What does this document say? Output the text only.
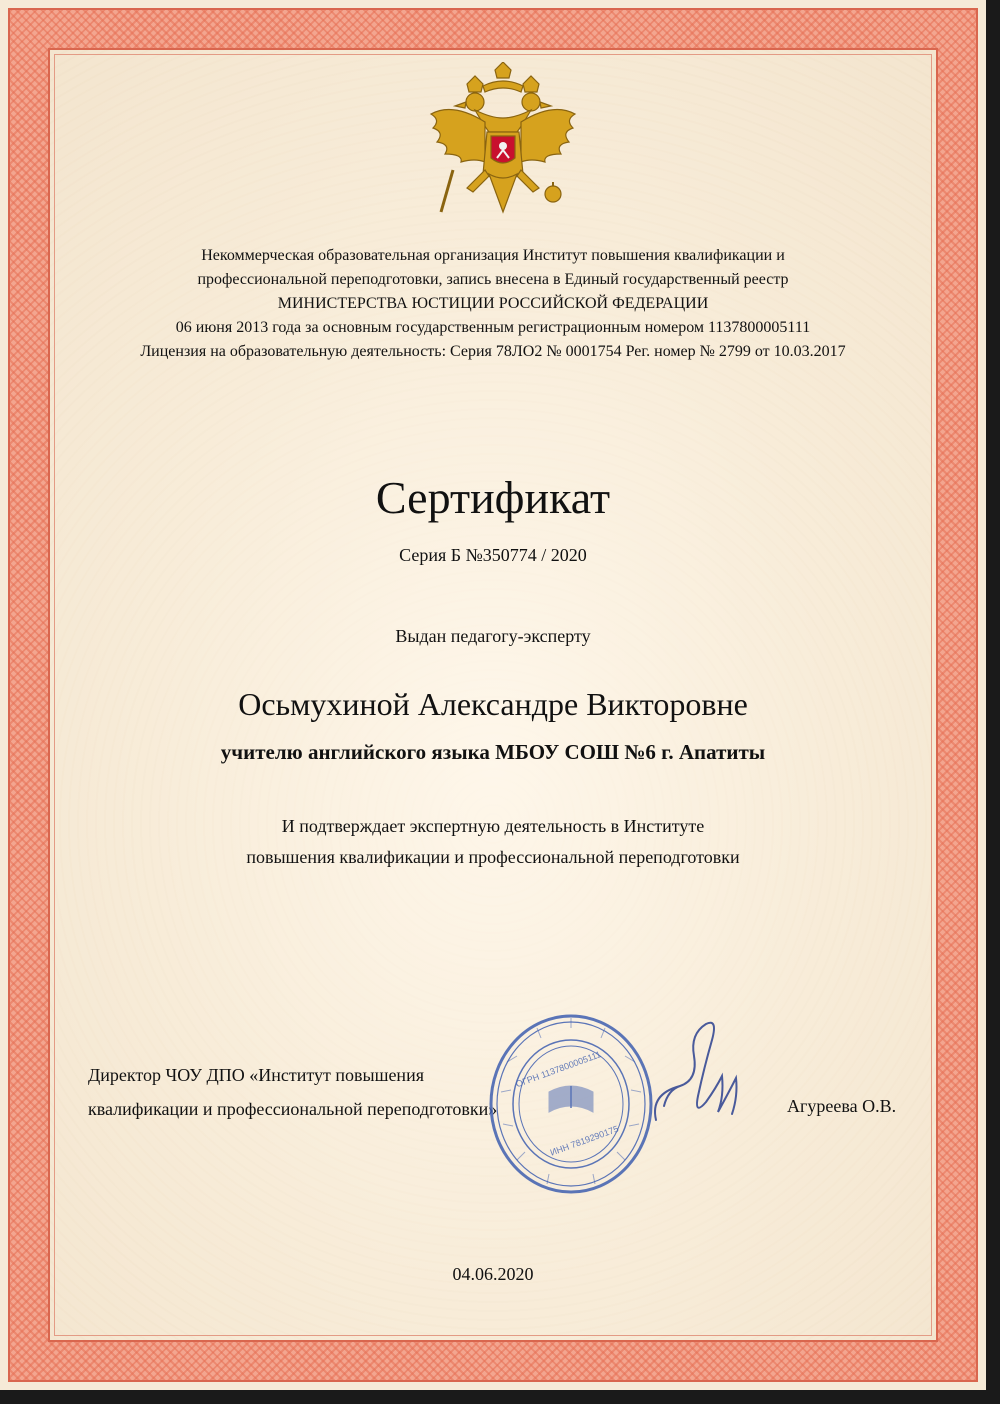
Некоммерческая образовательная организация Институт повышения квалификации и
профессиональной переподготовки, запись внесена в Единый государственный реестр
МИНИСТЕРСТВА ЮСТИЦИИ РОССИЙСКОЙ ФЕДЕРАЦИИ
06 июня 2013 года за основным государственным регистрационным номером 1137800005111
Лицензия на образовательную деятельность: Серия 78ЛО2 № 0001754 Рег. номер № 2799 от 10.03.2017
Сертификат
Серия Б №350774 / 2020
Выдан педагогу-эксперту
Осьмухиной Александре Викторовне
учителю английского языка МБОУ СОШ №6 г. Апатиты
И подтверждает экспертную деятельность в Институте
повышения квалификации и профессиональной переподготовки
Директор ЧОУ ДПО «Институт повышения
квалификации и профессиональной переподготовки»
ОГРН 1137800005111
ИНН 7819290175
Агуреева О.В.
04.06.2020
